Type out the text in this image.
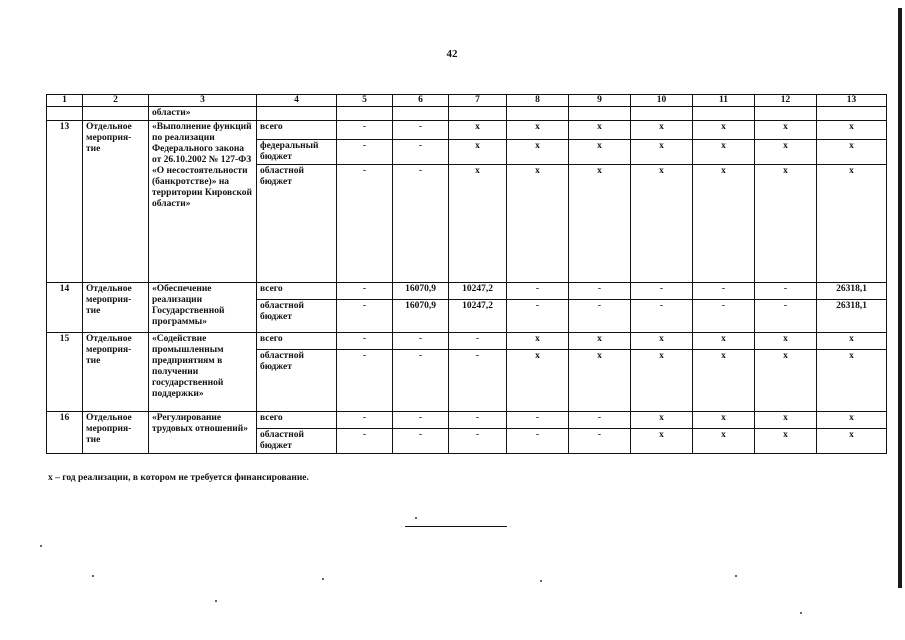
42
1	2	3	4	5	6	7	8	9	10	11	12	13
		области»										
13	Отдельное мероприя-тие	«Выполнение функций по реализации Федерального закона от 26.10.2002 № 127-ФЗ «О несостоятельности (банкротстве)» на территории Кировской области»	всего	-	-	x	x	x	x	x	x	x
			федеральный бюджет	-	-	x	x	x	x	x	x	x
			областной бюджет	-	-	x	x	x	x	x	x	x
14	Отдельное мероприя-тие	«Обеспечение реализации Государственной программы»	всего	-	16070,9	10247,2	-	-	-	-	-	26318,1
			областной бюджет	-	16070,9	10247,2	-	-	-	-	-	26318,1
15	Отдельное мероприя-тие	«Содействие промышленным предприятиям в получении государственной поддержки»	всего	-	-	-	x	x	x	x	x	x
			областной бюджет	-	-	-	x	x	x	x	x	x
16	Отдельное мероприя-тие	«Регулирование трудовых отношений»	всего	-	-	-	-	-	x	x	x	x
			областной бюджет	-	-	-	-	-	x	x	x	x
x – год реализации, в котором не требуется финансирование.
